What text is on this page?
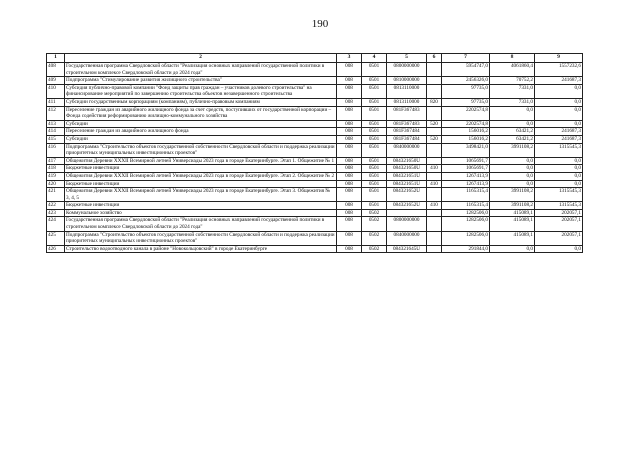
190
1	2	3	4	5	6	7	8	9
408	Государственная программа Свердловской области "Реализация основных направлений государственной политики в строительном комплексе Свердловской области до 2024 года"	008	0501	0800000000		5954747,0	4061860,4	1557232,6
409	Подпрограмма "Стимулирование развития жилищного строительства"	008	0501	0810000000		2456326,0	70752,2	241687,3
410	Субсидия публично-правовой компании "Фонд защиты прав граждан – участников долевого строительства" на финансирование мероприятий по завершению строительства объектов незавершенного строительства	008	0501	0813110000		97735,0	7331,0	0,0
411	Субсидии государственным корпорациям (компаниям), публично-правовым компаниям	008	0501	0813110000	820	97735,0	7331,0	0,0
412	Переселение граждан из аварийного жилищного фонда за счет средств, поступивших от государственной корпорации – Фонда содействия реформированию жилищно-коммунального хозяйства	008	0501	081F367483		2202574,8	0,0	0,0
413	Субсидии	008	0501	081F367483	520	2202574,8	0,0	0,0
414	Переселение граждан из аварийного жилищного фонда	008	0501	081F367484		156016,2	63421,2	241687,3
415	Субсидии	008	0501	081F367484	520	156016,2	63421,2	241687,3
416	Подпрограмма "Строительство объектов государственной собственности Свердловской области и поддержка реализации приоритетных муниципальных инвестиционных проектов"	008	0501	0840000000		3498421,0	3991108,2	1315545,3
417	Общежития Деревни XXXII Всемирной летней Универсиады 2023 года в городе Екатеринбурге. Этап 1. Общежитие № 1	008	0501	084321650U		1065691,7	0,0	0,0
418	Бюджетные инвестиции	008	0501	084321650U	410	1065691,7	0,0	0,0
419	Общежития Деревни XXXII Всемирной летней Универсиады 2023 года в городе Екатеринбурге. Этап 2. Общежитие № 2	008	0501	084321651U		1267413,9	0,0	0,0
420	Бюджетные инвестиции	008	0501	084321651U	410	1267413,9	0,0	0,0
421	Общежития Деревни XXXII Всемирной летней Универсиады 2023 года в городе Екатеринбурге. Этап 3. Общежития № 3, 4, 5	008	0501	084321652U		1165315,4	3991108,2	1315545,3
422	Бюджетные инвестиции	008	0501	084321652U	410	1165315,4	3991108,2	1315545,3
423	Коммунальное хозяйство	008	0502			1282506,0	415089,1	202057,1
424	Государственная программа Свердловской области "Реализация основных направлений государственной политики в строительном комплексе Свердловской области до 2024 года"	008	0502	0800000000		1282506,0	415089,1	202057,1
425	Подпрограмма "Строительство объектов государственной собственности Свердловской области и поддержка реализации приоритетных муниципальных инвестиционных проектов"	008	0502	0840000000		1282506,0	415089,1	202057,1
426	Строительство водоотводного канала в районе "Новокольцовский" в городе Екатеринбурге	008	0502	084321645U		291844,0	0,0	0,0
